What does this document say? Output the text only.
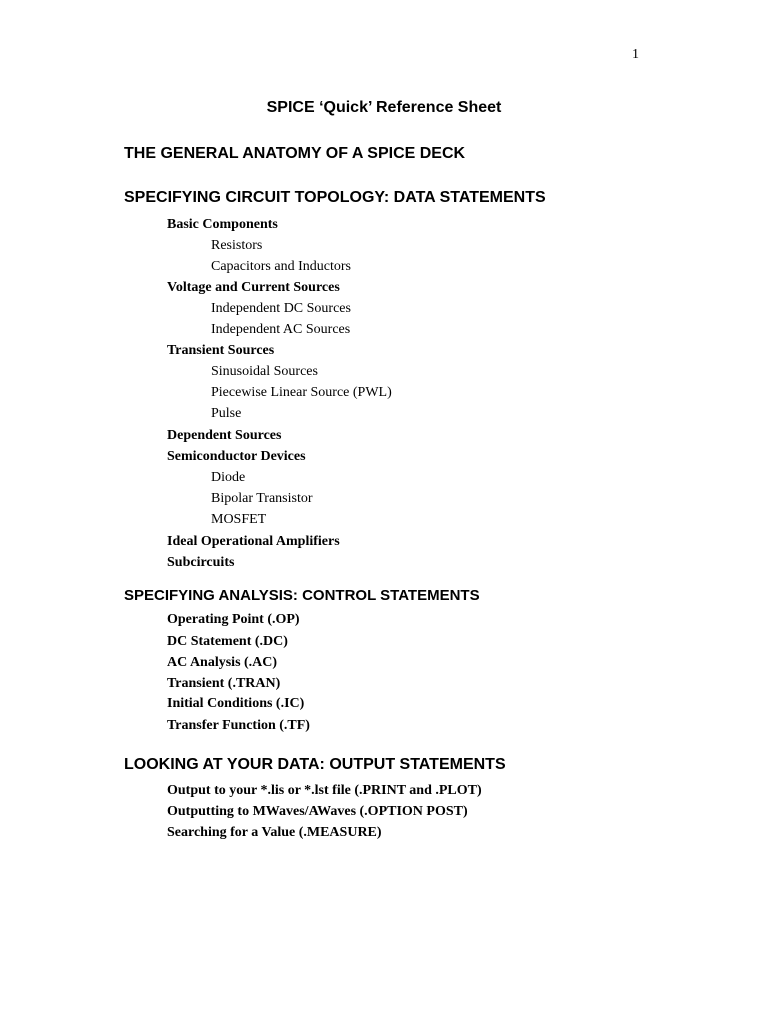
1
SPICE ‘Quick’ Reference Sheet
THE GENERAL ANATOMY OF A SPICE DECK
SPECIFYING CIRCUIT TOPOLOGY: DATA STATEMENTS
Basic Components
Resistors
Capacitors and Inductors
Voltage and Current Sources
Independent DC Sources
Independent AC Sources
Transient Sources
Sinusoidal Sources
Piecewise Linear Source (PWL)
Pulse
Dependent Sources
Semiconductor Devices
Diode
Bipolar Transistor
MOSFET
Ideal Operational Amplifiers
Subcircuits
SPECIFYING ANALYSIS: CONTROL STATEMENTS
Operating Point (.OP)
DC Statement (.DC)
AC Analysis (.AC)
Transient (.TRAN)
Initial Conditions (.IC)
Transfer Function (.TF)
LOOKING AT YOUR DATA: OUTPUT STATEMENTS
Output to your *.lis or *.lst file (.PRINT and .PLOT)
Outputting to MWaves/AWaves (.OPTION POST)
Searching for a Value (.MEASURE)
